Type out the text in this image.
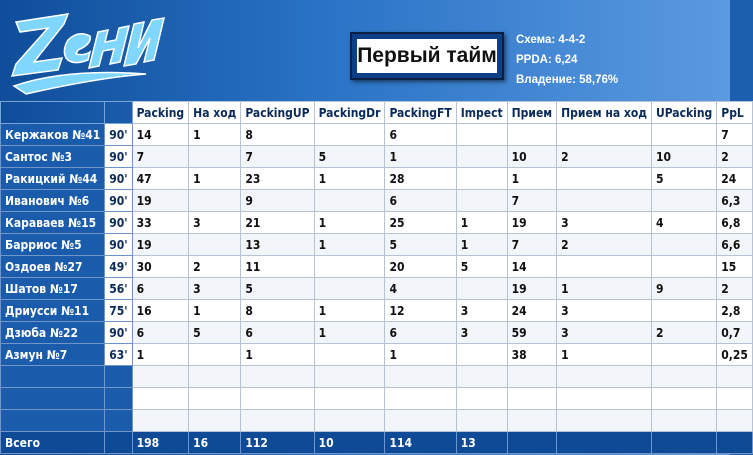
Первый тайм
Схема: 4-4-2
PPDA: 6,24
Владение: 58,76%
		Packing	На ход	PackingUP	PackingDr	PackingFT	Impect	Прием	Прием на ход	UPacking	PpL
Кержаков №41	90'	14	1	8		6					7
Сантос №3	90'	7		7	5	1		10	2	10	2
Ракицкий №44	90'	47	1	23	1	28		1		5	24
Иванович №6	90'	19		9		6		7			6,3
Караваев №15	90'	33	3	21	1	25	1	19	3	4	6,8
Барриос №5	90'	19		13	1	5	1	7	2		6,6
Оздоев №27	49'	30	2	11		20	5	14			15
Шатов №17	56'	6	3	5		4		19	1	9	2
Дриусси №11	75'	16	1	8	1	12	3	24	3		2,8
Дзюба №22	90'	6	5	6	1	6	3	59	3	2	0,7
Азмун №7	63'	1		1		1		38	1		0,25

Всего		198	16	112	10	114	13				
